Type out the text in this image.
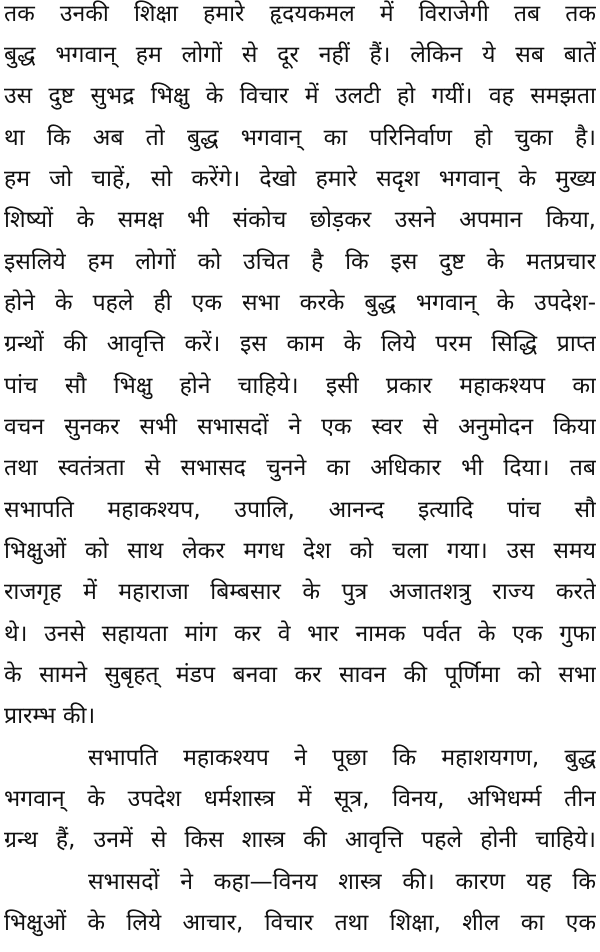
तक उनकी शिक्षा हमारे हृदयकमल में विराजेगी तब तक
बुद्ध भगवान् हम लोगों से दूर नहीं हैं। लेकिन ये सब बातें
उस दुष्ट सुभद्र भिक्षु के विचार में उलटी हो गयीं। वह समझता
था कि अब तो बुद्ध भगवान् का परिनिर्वाण हो चुका है।
हम जो चाहें, सो करेंगे। देखो हमारे सदृश भगवान् के मुख्य
शिष्यों के समक्ष भी संकोच छोड़कर उसने अपमान किया,
इसलिये हम लोगों को उचित है कि इस दुष्ट के मतप्रचार
होने के पहले ही एक सभा करके बुद्ध भगवान् के उपदेश-
ग्रन्थों की आवृत्ति करें। इस काम के लिये परम सिद्धि प्राप्त
पांच सौ भिक्षु होने चाहिये। इसी प्रकार महाकश्यप का
वचन सुनकर सभी सभासदों ने एक स्वर से अनुमोदन किया
तथा स्वतंत्रता से सभासद चुनने का अधिकार भी दिया। तब
सभापति महाकश्यप, उपालि, आनन्द इत्यादि पांच सौ
भिक्षुओं को साथ लेकर मगध देश को चला गया। उस समय
राजगृह में महाराजा बिम्बसार के पुत्र अजातशत्रु राज्य करते
थे। उनसे सहायता मांग कर वे भार नामक पर्वत के एक गुफा
के सामने सुबृहत् मंडप बनवा कर सावन की पूर्णिमा को सभा
प्रारम्भ की।
सभापति महाकश्यप ने पूछा कि महाशयगण, बुद्ध
भगवान् के उपदेश धर्मशास्त्र में सूत्र, विनय, अभिधर्म्म तीन
ग्रन्थ हैं, उनमें से किस शास्त्र की आवृत्ति पहले होनी चाहिये।
सभासदों ने कहा—विनय शास्त्र की। कारण यह कि
भिक्षुओं के लिये आचार, विचार तथा शिक्षा, शील का एक
